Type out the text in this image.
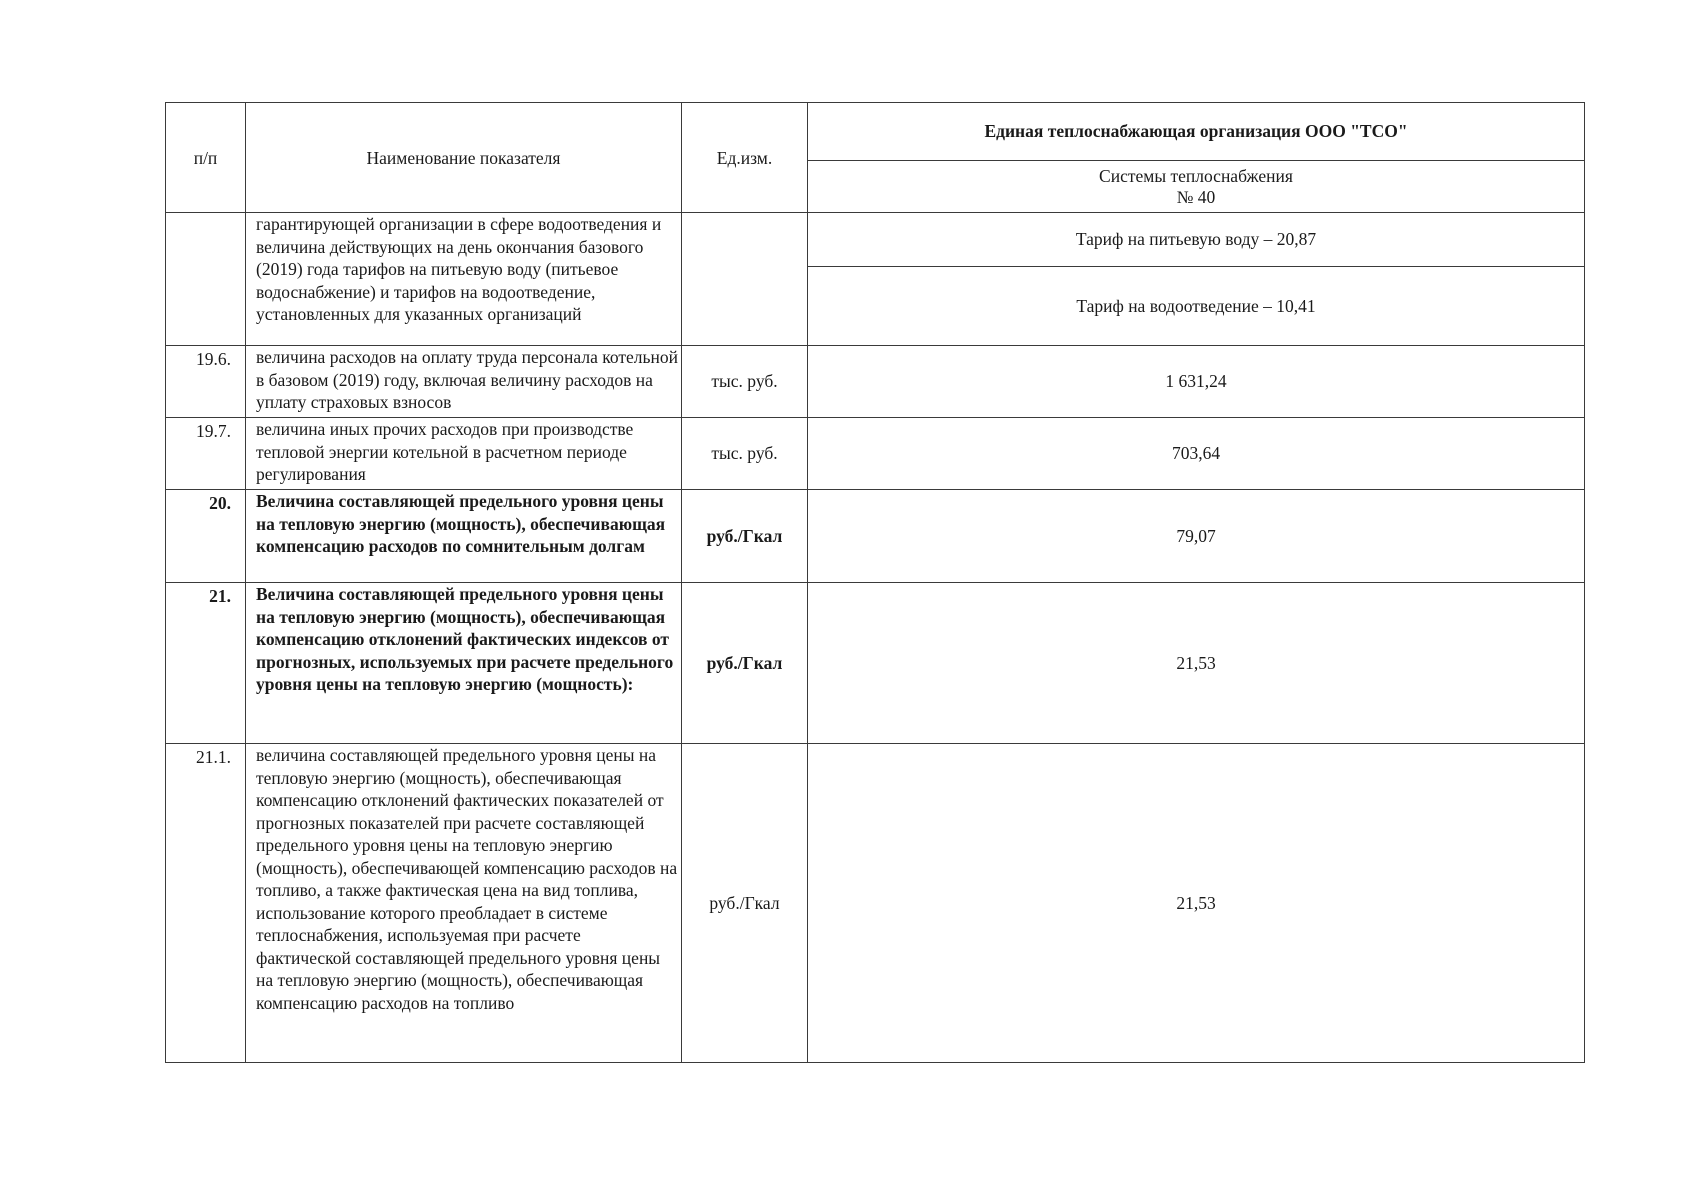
п/п	Наименование показателя	Ед.изм.	Единая теплоснабжающая организация ООО "ТСО"
			Системы теплоснабжения
№ 40
	гарантирующей организации в сфере водоотведения и величина действующих на день окончания базового (2019) года тарифов на питьевую воду (питьевое водоснабжение) и тарифов на водоотведение, установленных для указанных организаций		Тариф на питьевую воду – 20,87
			Тариф на водоотведение – 10,41
19.6.	величина расходов на оплату труда персонала котельной в базовом (2019) году, включая величину расходов на уплату страховых взносов	тыс. руб.	1 631,24
19.7.	величина иных прочих расходов при производстве тепловой энергии котельной в расчетном периоде регулирования	тыс. руб.	703,64
20.	Величина составляющей предельного уровня цены на тепловую энергию (мощность), обеспечивающая компенсацию расходов по сомнительным долгам	руб./Гкал	79,07
21.	Величина составляющей предельного уровня цены на тепловую энергию (мощность), обеспечивающая компенсацию отклонений фактических индексов от прогнозных, используемых при расчете предельного уровня цены на тепловую энергию (мощность):	руб./Гкал	21,53
21.1.	величина составляющей предельного уровня цены на тепловую энергию (мощность), обеспечивающая компенсацию отклонений фактических показателей от прогнозных показателей при расчете составляющей предельного уровня цены на тепловую энергию (мощность), обеспечивающей компенсацию расходов на топливо, а также фактическая цена на вид топлива, использование которого преобладает в системе теплоснабжения, используемая при расчете фактической составляющей предельного уровня цены на тепловую энергию (мощность), обеспечивающая компенсацию расходов на топливо	руб./Гкал	21,53
